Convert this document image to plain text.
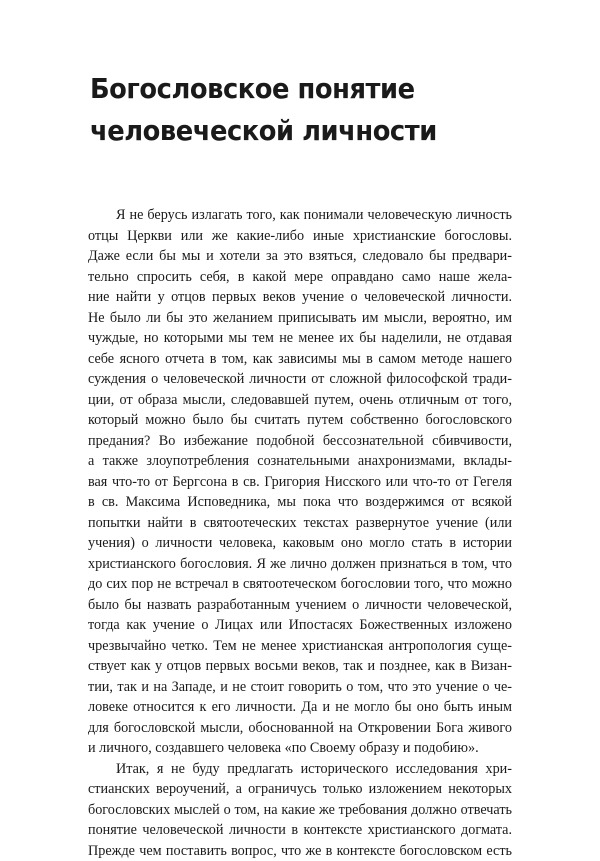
Богословское понятие
человеческой личности
Я не берусь излагать того, как понимали человеческую личность
отцы Церкви или же какие-либо иные христианские богословы.
Даже если бы мы и хотели за это взяться, следовало бы предвари-
тельно спросить себя, в какой мере оправдано само наше жела-
ние найти у отцов первых веков учение о человеческой личности.
Не было ли бы это желанием приписывать им мысли, вероятно, им
чуждые, но которыми мы тем не менее их бы наделили, не отдавая
себе ясного отчета в том, как зависимы мы в самом методе нашего
суждения о человеческой личности от сложной философской тради-
ции, от образа мысли, следовавшей путем, очень отличным от того,
который можно было бы считать путем собственно богословского
предания? Во избежание подобной бессознательной сбивчивости,
а также злоупотребления сознательными анахронизмами, вклады-
вая что-то от Бергсона в св. Григория Нисского или что-то от Гегеля
в св. Максима Исповедника, мы пока что воздержимся от всякой
попытки найти в святоотеческих текстах развернутое учение (или
учения) о личности человека, каковым оно могло стать в истории
христианского богословия. Я же лично должен признаться в том, что
до сих пор не встречал в святоотеческом богословии того, что можно
было бы назвать разработанным учением о личности человеческой,
тогда как учение о Лицах или Ипостасях Божественных изложено
чрезвычайно четко. Тем не менее христианская антропология суще-
ствует как у отцов первых восьми веков, так и позднее, как в Визан-
тии, так и на Западе, и не стоит говорить о том, что это учение о че-
ловеке относится к его личности. Да и не могло бы оно быть иным
для богословской мысли, обоснованной на Откровении Бога живого
и личного, создавшего человека «по Своему образу и подобию».
Итак, я не буду предлагать исторического исследования хри-
стианских вероучений, а ограничусь только изложением некоторых
богословских мыслей о том, на какие же требования должно отвечать
понятие человеческой личности в контексте христианского догмата.
Прежде чем поставить вопрос, что же в контексте богословском есть
